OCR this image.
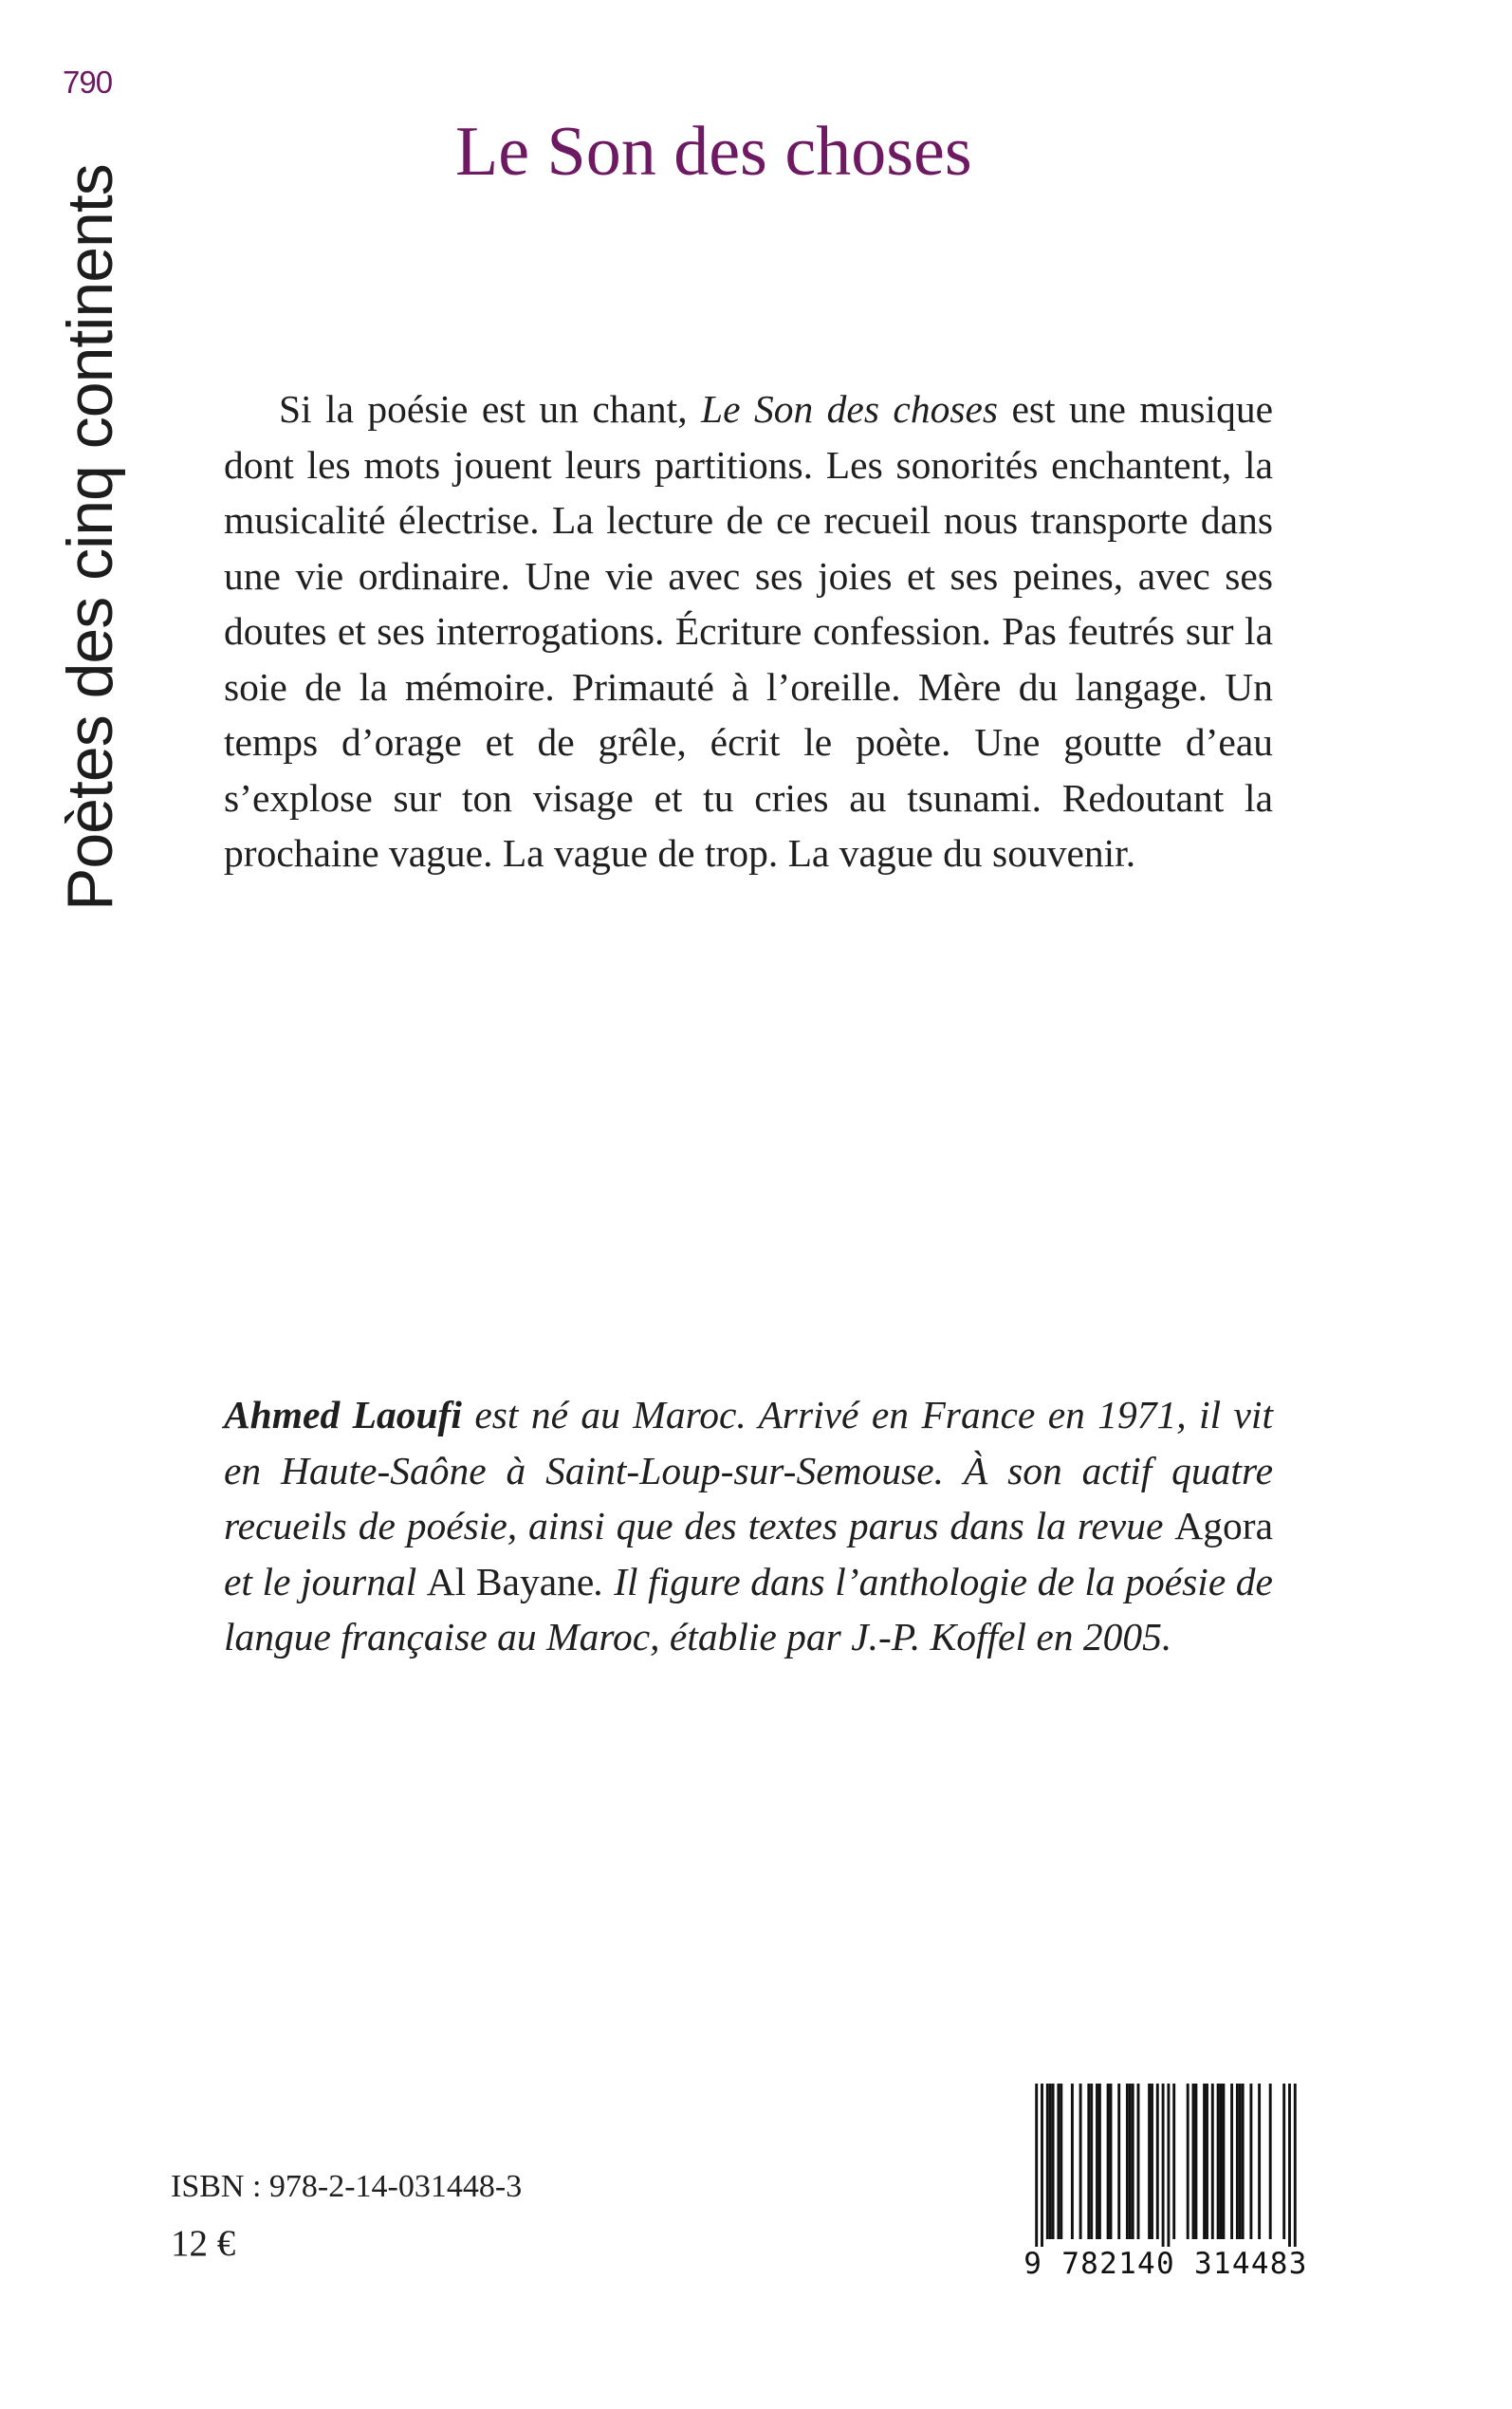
790
Poètes des cinq continents
Le Son des choses

Si la poésie est un chant, Le Son des choses est une musique dont les mots jouent leurs partitions. Les sonorités enchantent, la musicalité électrise. La lecture de ce recueil nous transporte dans une vie ordinaire. Une vie avec ses joies et ses peines, avec ses doutes et ses interrogations. Écriture confession. Pas feutrés sur la soie de la mémoire. Primauté à l’oreille. Mère du langage. Un temps d’orage et de grêle, écrit le poète. Une goutte d’eau s’explose sur ton visage et tu cries au tsunami. Redoutant la prochaine vague. La vague de trop. La vague du souvenir.

Ahmed Laoufi est né au Maroc. Arrivé en France en 1971, il vit en Haute-Saône à Saint-Loup-sur-Semouse. À son actif quatre recueils de poésie, ainsi que des textes parus dans la revue Agora et le journal Al Bayane. Il figure dans l’anthologie de la poésie de langue française au Maroc, établie par J.-P. Koffel en 2005.

ISBN : 978-2-14-031448-3
12 €	9 782140 314483
